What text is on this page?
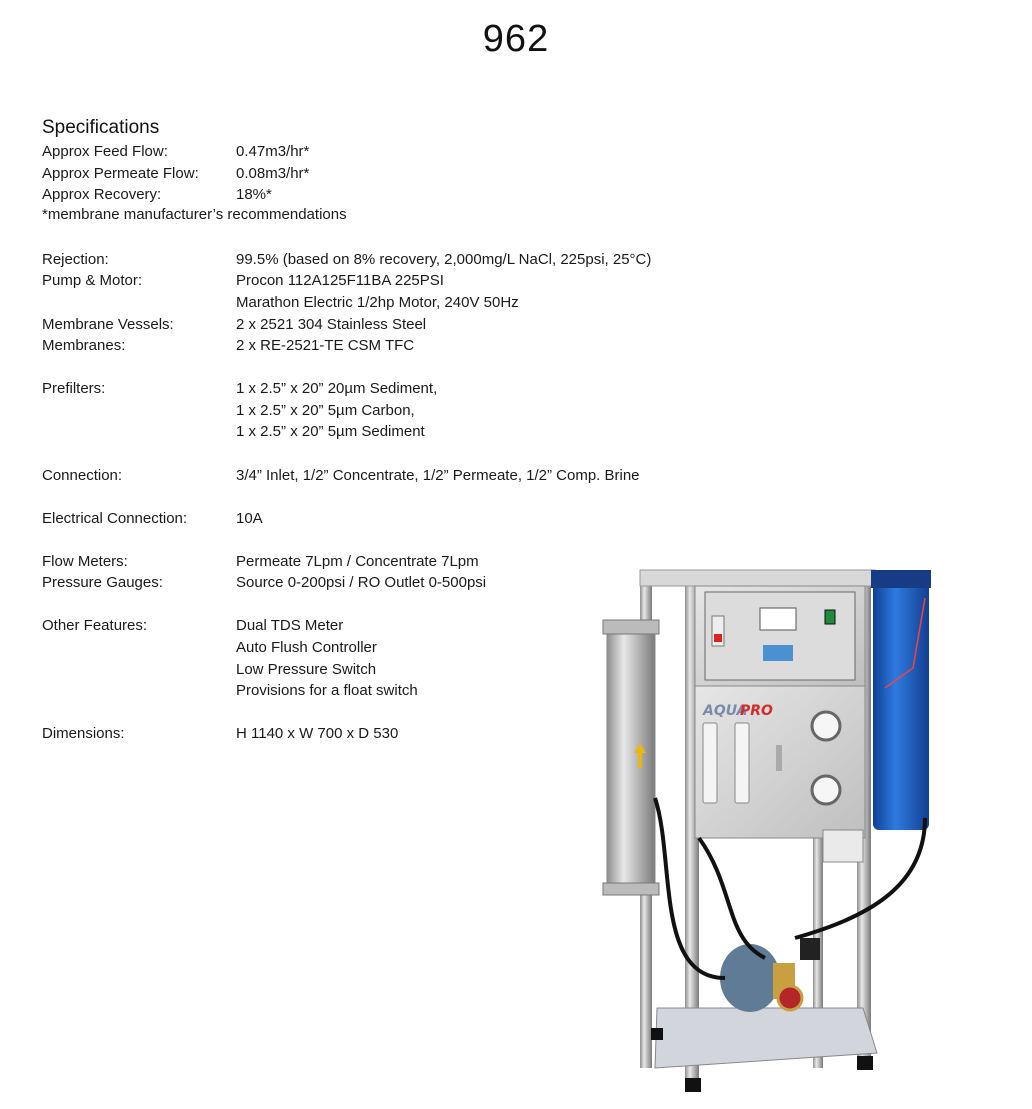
962
Specifications
Approx Feed Flow:	0.47m3/hr*
Approx Permeate Flow: 0.08m3/hr*
Approx Recovery:	18%*
*membrane manufacturer’s recommendations
Rejection:	99.5% (based on 8% recovery, 2,000mg/L NaCl, 225psi, 25°C)
Pump & Motor:	Procon 112A125F11BA 225PSI
Marathon Electric 1/2hp Motor, 240V 50Hz
Membrane Vessels:	2 x 2521 304 Stainless Steel
Membranes:	2 x RE-2521-TE CSM TFC
Prefilters:	1 x 2.5” x 20” 20µm Sediment,
1 x 2.5” x 20” 5µm Carbon,
1 x 2.5” x 20” 5µm Sediment
Connection:	3/4” Inlet, 1/2” Concentrate, 1/2” Permeate, 1/2” Comp. Brine
Electrical Connection:	10A
Flow Meters:	Permeate 7Lpm / Concentrate 7Lpm
Pressure Gauges:	Source 0-200psi / RO Outlet 0-500psi
Other Features:	Dual TDS Meter
Auto Flush Controller
Low Pressure Switch
Provisions for a float switch
Dimensions:	H 1140 x W 700 x D 530
AQUA
PRO
